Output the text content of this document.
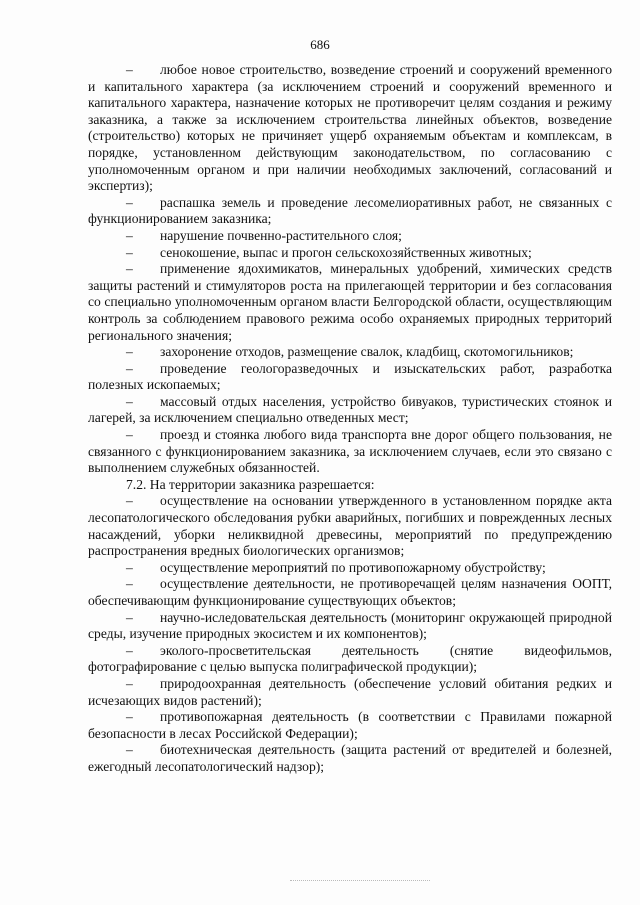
686

– любое новое строительство, возведение строений и сооружений временного и капитального характера (за исключением строений и сооружений временного и капитального характера, назначение которых не противоречит целям создания и режиму заказника, а также за исключением строительства линейных объектов, возведение (строительство) которых не причиняет ущерб охраняемым объектам и комплексам, в порядке, установленном действующим законодательством, по согласованию с уполномоченным органом и при наличии необходимых заключений, согласований и экспертиз);

– распашка земель и проведение лесомелиоративных работ, не связанных с функционированием заказника;

– нарушение почвенно-растительного слоя;

– сенокошение, выпас и прогон сельскохозяйственных животных;

– применение ядохимикатов, минеральных удобрений, химических средств защиты растений и стимуляторов роста на прилегающей территории и без согласования со специально уполномоченным органом власти Белгородской области, осуществляющим контроль за соблюдением правового режима особо охраняемых природных территорий регионального значения;

– захоронение отходов, размещение свалок, кладбищ, скотомогильников;

– проведение геологоразведочных и изыскательских работ, разработка полезных ископаемых;

– массовый отдых населения, устройство бивуаков, туристических стоянок и лагерей, за исключением специально отведенных мест;

– проезд и стоянка любого вида транспорта вне дорог общего пользования, не связанного с функционированием заказника, за исключением случаев, если это связано с выполнением служебных обязанностей.

7.2. На территории заказника разрешается:

– осуществление на основании утвержденного в установленном порядке акта лесопатологического обследования рубки аварийных, погибших и поврежденных лесных насаждений, уборки неликвидной древесины, мероприятий по предупреждению распространения вредных биологических организмов;

– осуществление мероприятий по противопожарному обустройству;

– осуществление деятельности, не противоречащей целям назначения ООПТ, обеспечивающим функционирование существующих объектов;

– научно-иследовательская деятельность (мониторинг окружающей природной среды, изучение природных экосистем и их компонентов);

– эколого-просветительская деятельность (снятие видеофильмов, фотографирование с целью выпуска полиграфической продукции);

– природоохранная деятельность (обеспечение условий обитания редких и исчезающих видов растений);

– противопожарная деятельность (в соответствии с Правилами пожарной безопасности в лесах Российской Федерации);

– биотехническая деятельность (защита растений от вредителей и болезней, ежегодный лесопатологический надзор);
